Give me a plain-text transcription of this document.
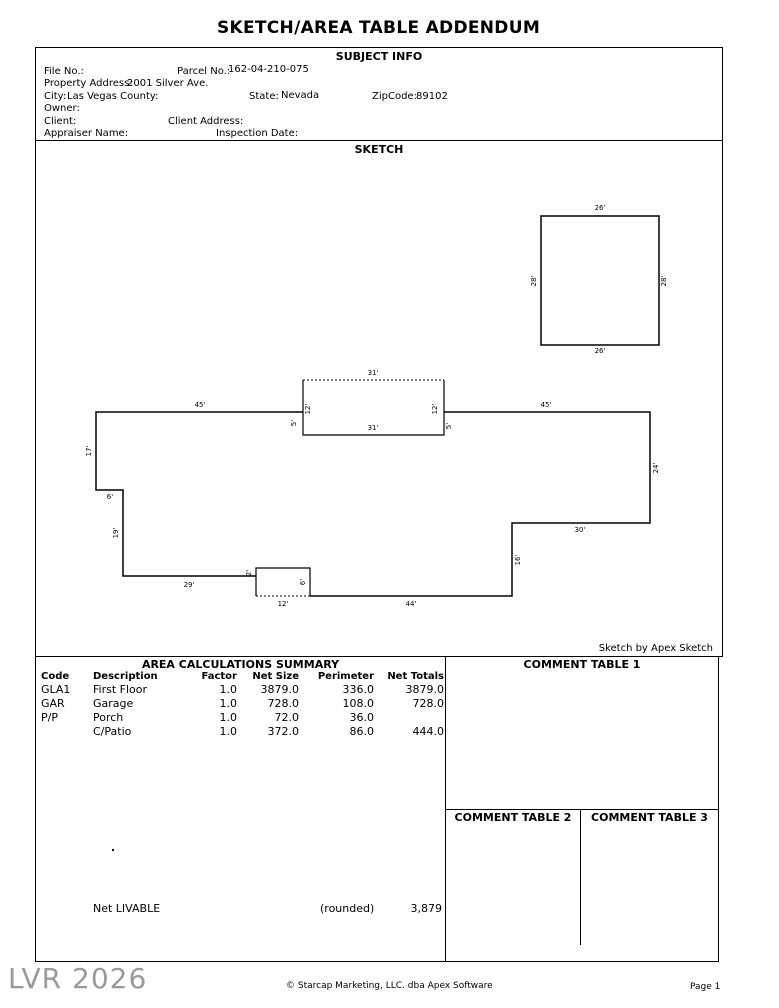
SKETCH/AREA TABLE ADDENDUM
SUBJECT INFO
File No.:	Parcel No.:
162-04-210-075
Property Address:
2001 Silver Ave.
City: Las Vegas County:	State: Nevada	ZipCode: 89102
Owner:
Client:	Client Address:
Appraiser Name:	Inspection Date:
SKETCH
Sketch by Apex Sketch
26'
26'
28'	28'
31'
31'
12'	12'
5'	5'
45'	45'
17'
6'
19'
29'
2'
6'
12'	44'
16'
30'
24'
AREA CALCULATIONS SUMMARY
Code Description	Factor	Net Size Perimeter	Net Totals
GLA1 First Floor	1.0	3879.0	336.0	3879.0
GAR	Garage	1.0	728.0	108.0	728.0
P/P	Porch	1.0	72.0	36.0
C/Patio	1.0	372.0	86.0	444.0
Net LIVABLE	(rounded)	3,879
COMMENT TABLE 1
COMMENT TABLE 2	COMMENT TABLE 3
LVR 2026	© Starcap Marketing, LLC. dba Apex Software	Page 1
